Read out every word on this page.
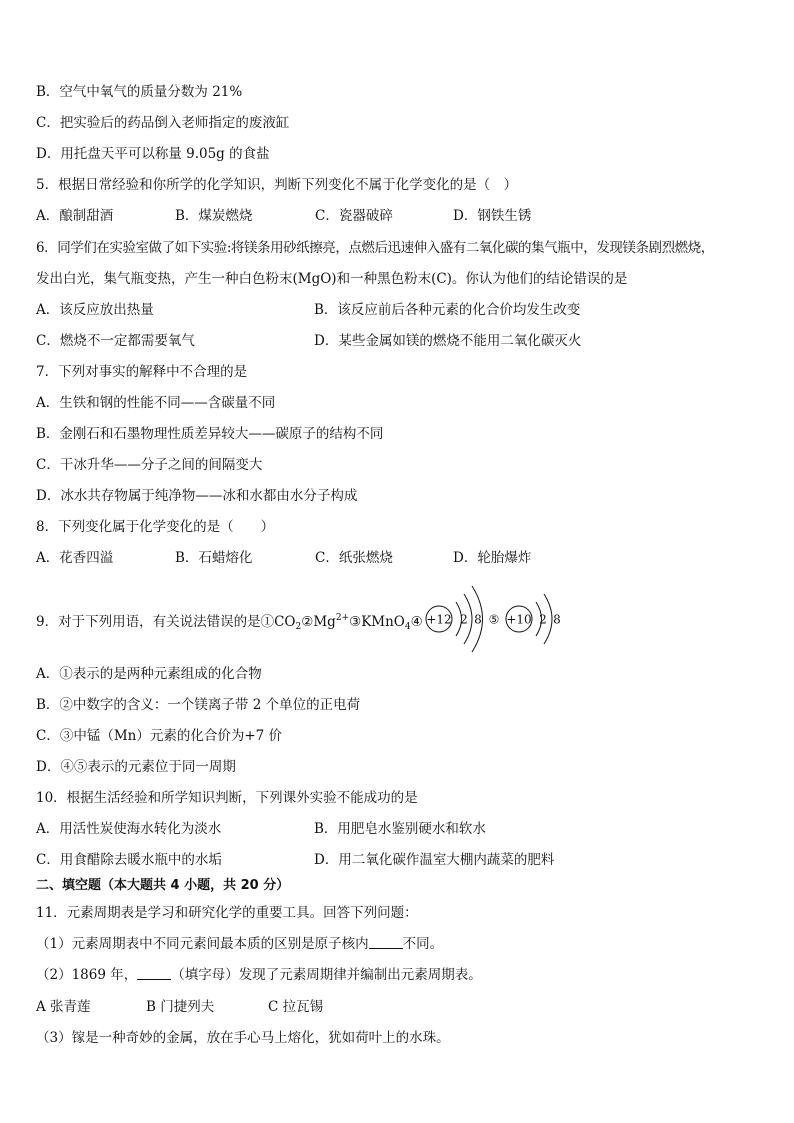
B．空气中氧气的质量分数为 21%
C．把实验后的药品倒入老师指定的废液缸
D．用托盘天平可以称量 9.05g 的食盐
5．根据日常经验和你所学的化学知识，判断下列变化不属于化学变化的是（　）
A．酿制甜酒	B．煤炭燃烧	C．瓷器破碎	D．钢铁生锈
6．同学们在实验室做了如下实验:将镁条用砂纸擦亮，点燃后迅速伸入盛有二氧化碳的集气瓶中，发现镁条剧烈燃烧，
发出白光，集气瓶变热，产生一种白色粉末(MgO)和一种黑色粉末(C)。你认为他们的结论错误的是
A．该反应放出热量	B．该反应前后各种元素的化合价均发生改变
C．燃烧不一定都需要氧气	D．某些金属如镁的燃烧不能用二氧化碳灭火
7．下列对事实的解释中不合理的是
A．生铁和钢的性能不同——含碳量不同
B．金刚石和石墨物理性质差异较大——碳原子的结构不同
C．干冰升华——分子之间的间隔变大
D．冰水共存物属于纯净物——冰和水都由水分子构成
8．下列变化属于化学变化的是（　　）
A．花香四溢	B．石蜡熔化	C．纸张燃烧	D．轮胎爆炸
9．对于下列用语，有关说法错误的是$①CO_2②Mg^{2+}③KMnO_4④ +12$ 2 8 ⑤ +10 2 8
A．①表示的是两种元素组成的化合物
B．②中数字的含义：一个镁离子带 2 个单位的正电荷
C．③中锰（Mn）元素的化合价为+7 价
D．④⑤表示的元素位于同一周期
10．根据生活经验和所学知识判断，下列课外实验不能成功的是
A．用活性炭使海水转化为淡水	B．用肥皂水鉴别硬水和软水
C．用食醋除去暖水瓶中的水垢	D．用二氧化碳作温室大棚内蔬菜的肥料
二、填空题（本大题共 4 小题，共 20 分）
11．元素周期表是学习和研究化学的重要工具。回答下列问题：
（1）元素周期表中不同元素间最本质的区别是原子核内	不同。
（2）1869 年，	（填字母）发现了元素周期律并编制出元素周期表。
A 张青莲	B 门捷列夫	C 拉瓦锡
（3）镓是一种奇妙的金属，放在手心马上熔化，犹如荷叶上的水珠。
